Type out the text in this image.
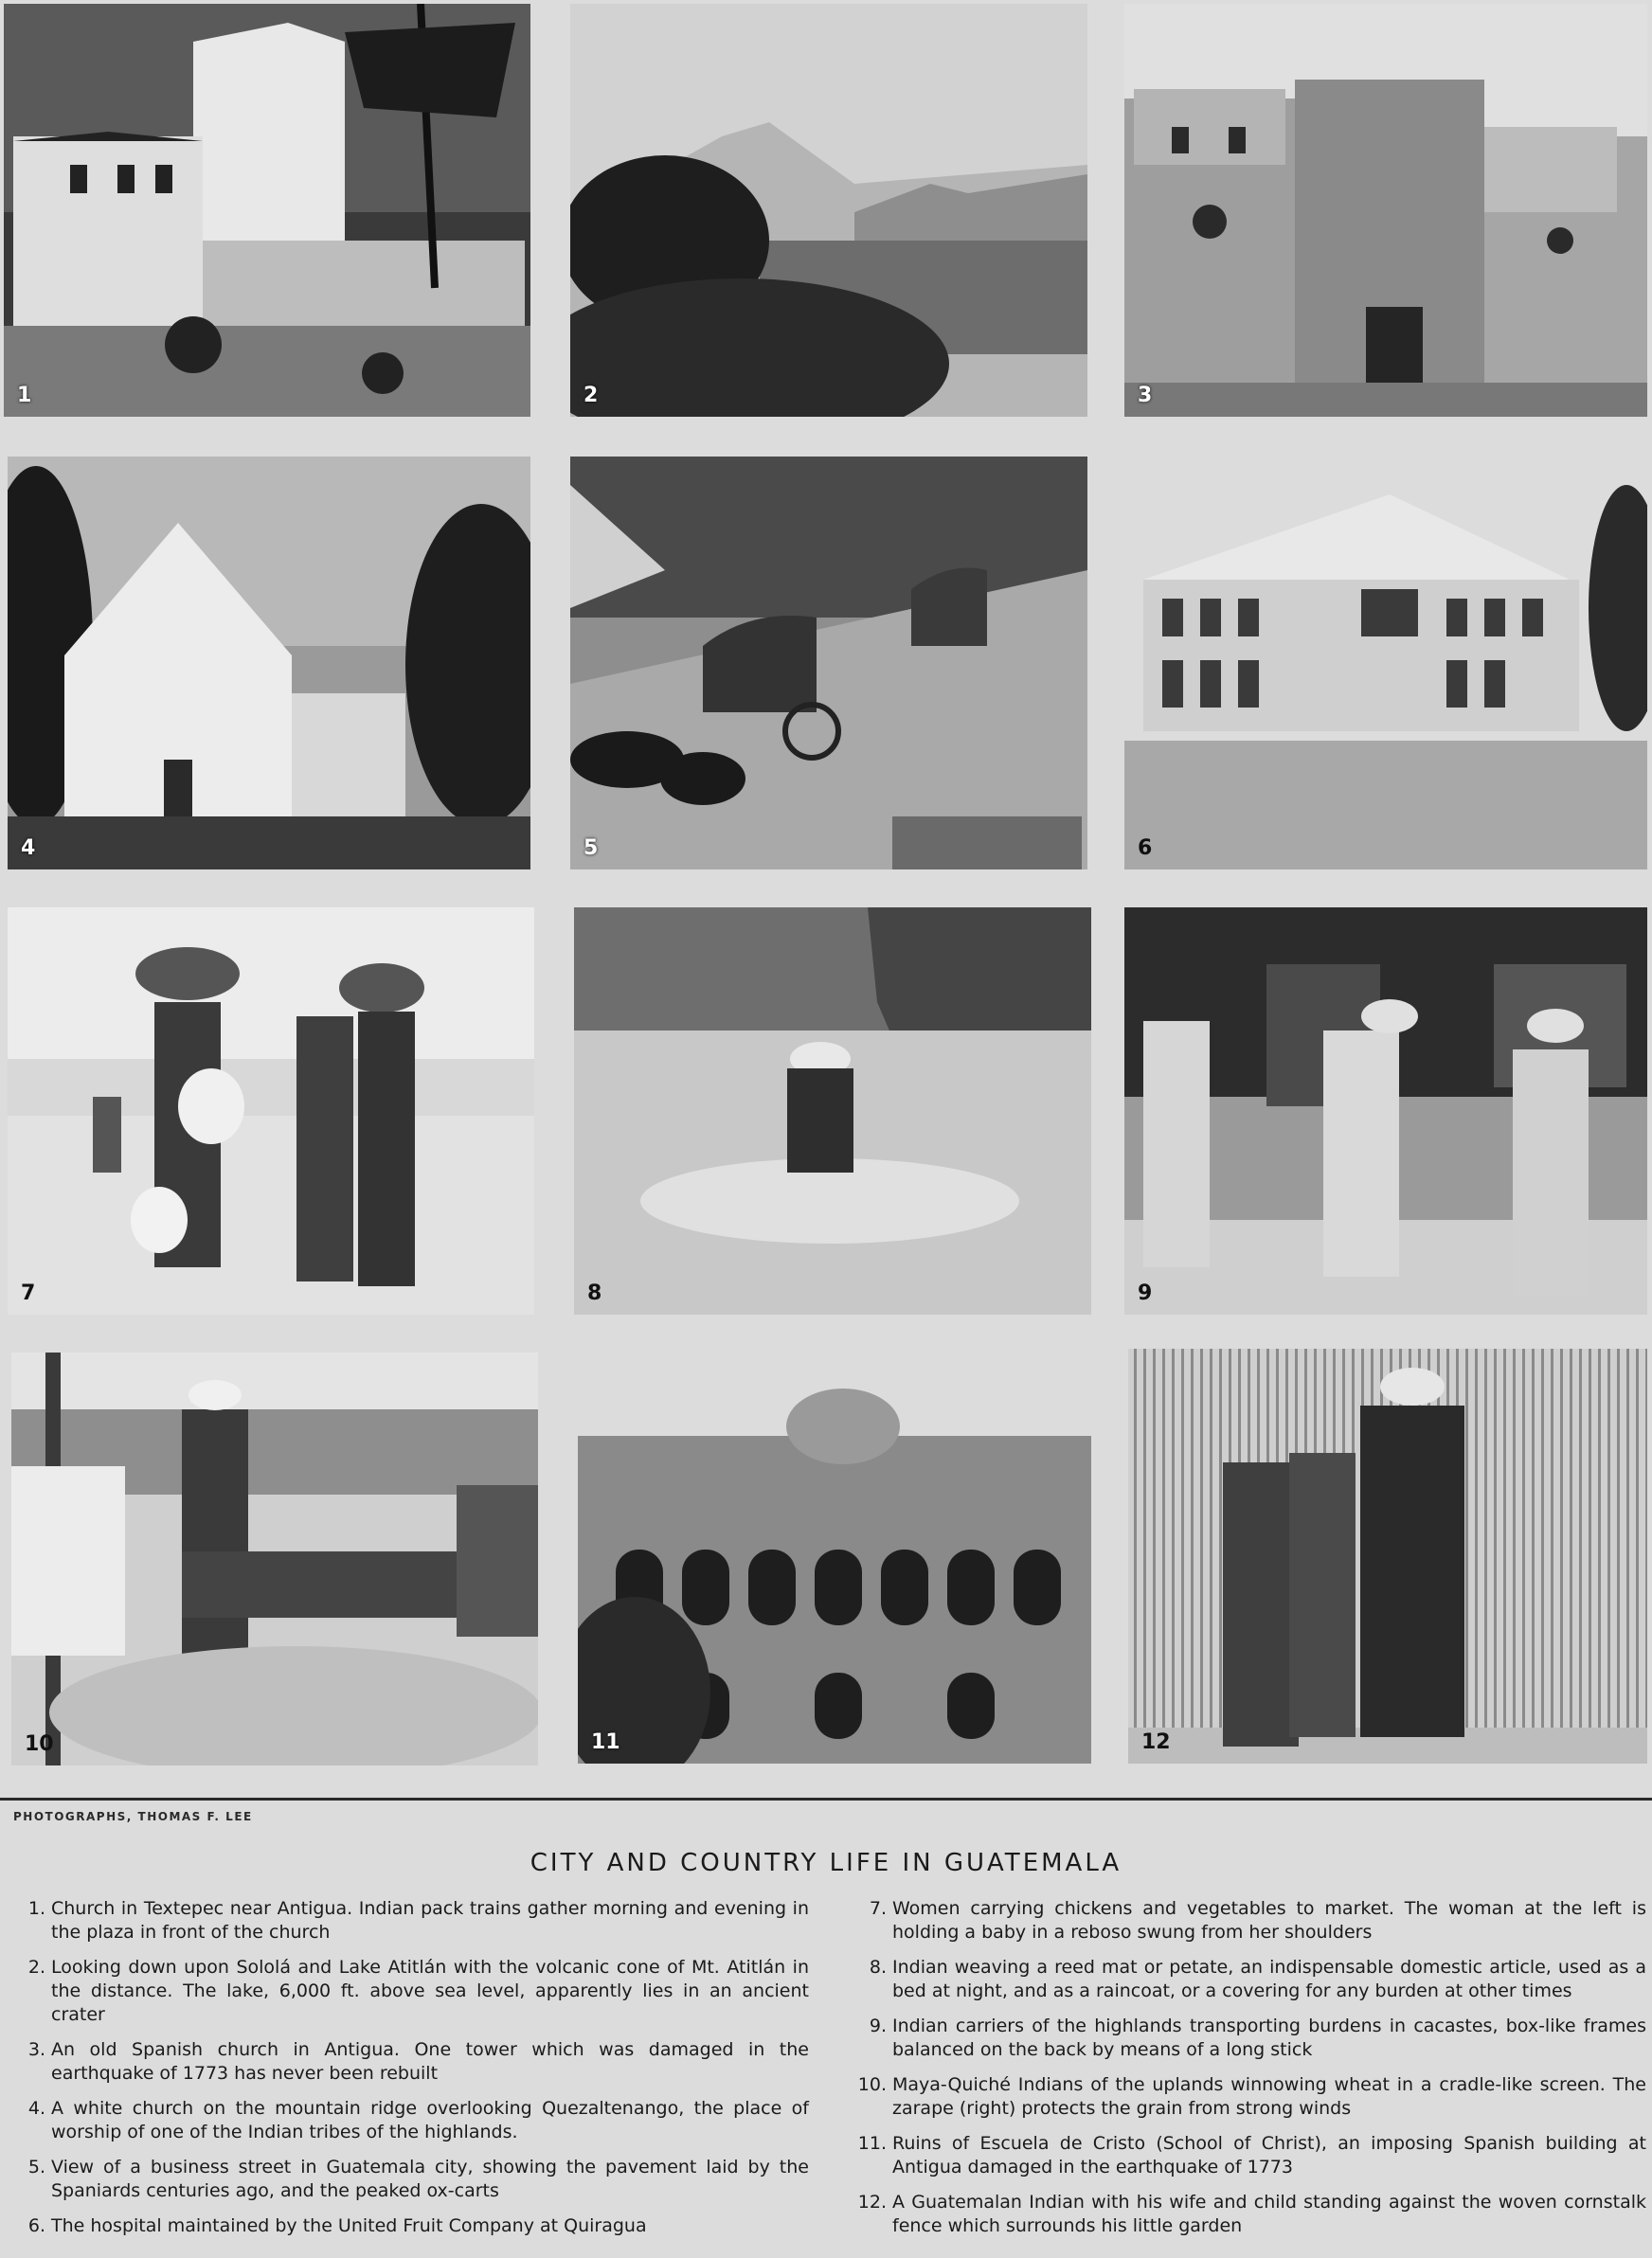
1	2	3
4	5	6
7	8	9
10	11	12
PHOTOGRAPHS, THOMAS F. LEE
CITY AND COUNTRY LIFE IN GUATEMALA
1. Church in Textepec near Antigua. Indian pack trains gather morning and evening in the plaza in front of the church
2. Looking down upon Sololá and Lake Atitlán with the volcanic cone of Mt. Atitlán in the distance. The lake, 6,000 ft. above sea level, apparently lies in an ancient crater
3. An old Spanish church in Antigua. One tower which was damaged in the earthquake of 1773 has never been rebuilt
4. A white church on the mountain ridge overlooking Quezaltenango, the place of worship of one of the Indian tribes of the highlands.
5. View of a business street in Guatemala city, showing the pavement laid by the Spaniards centuries ago, and the peaked ox-carts
6. The hospital maintained by the United Fruit Company at Quiragua
7. Women carrying chickens and vegetables to market. The woman at the left is holding a baby in a reboso swung from her shoulders
8. Indian weaving a reed mat or petate, an indispensable domestic article, used as a bed at night, and as a raincoat, or a covering for any burden at other times
9. Indian carriers of the highlands transporting burdens in cacastes, box-like frames balanced on the back by means of a long stick
10. Maya-Quiché Indians of the uplands winnowing wheat in a cradle-like screen. The zarape (right) protects the grain from strong winds
11. Ruins of Escuela de Cristo (School of Christ), an imposing Spanish building at Antigua damaged in the earthquake of 1773
12. A Guatemalan Indian with his wife and child standing against the woven cornstalk fence which surrounds his little garden
